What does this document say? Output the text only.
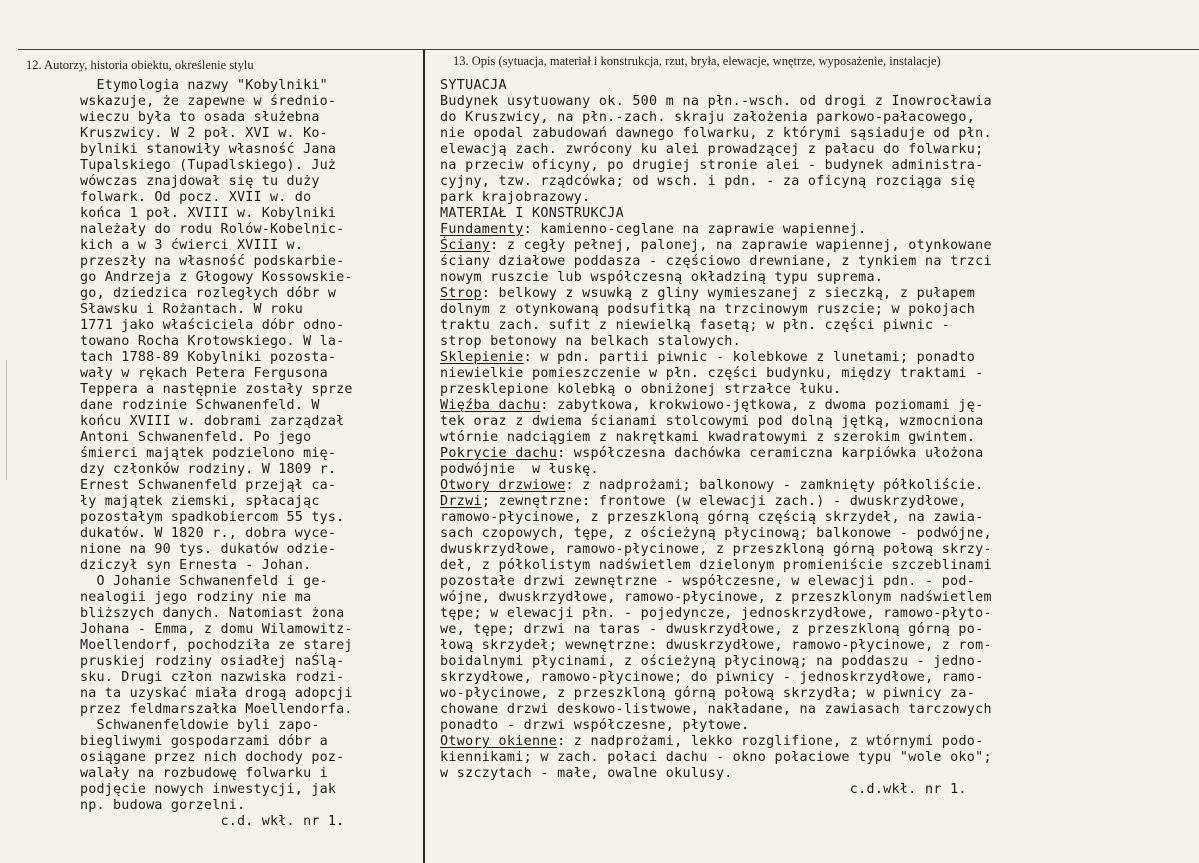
12. Autorzy, historia obiektu, określenie stylu	13. Opis (sytuacja, materiał i konstrukcja, rzut, bryła, elewacje, wnętrze, wyposażenie, instalacje)
Etymologia nazwy "Kobylniki"
wskazuje, że zapewne w średnio-
wieczu była to osada służebna
Kruszwicy. W 2 poł. XVI w. Ko-
bylniki stanowiły własność Jana
Tupalskiego (Tupadlskiego). Już
wówczas znajdował się tu duży
folwark. Od pocz. XVII w. do
końca 1 poł. XVIII w. Kobylniki
należały do rodu Rolów-Kobelnic-
kich a w 3 ćwierci XVIII w.
przeszły na własność podskarbie-
go Andrzeja z Głogowy Kossowskie-
go, dziedzica rozległych dóbr w
Sławsku i Rożantach. W roku
1771 jako właściciela dóbr odno-
towano Rocha Krotowskiego. W la-
tach 1788-89 Kobylniki pozosta-
wały w rękach Petera Fergusona
Teppera a następnie zostały sprze
dane rodzinie Schwanenfeld. W
końcu XVIII w. dobrami zarządzał
Antoni Schwanenfeld. Po jego
śmierci majątek podzielono mię-
dzy członków rodziny. W 1809 r.
Ernest Schwanenfeld przejął ca-
ły majątek ziemski, spłacając
pozostałym spadkobiercom 55 tys.
dukatów. W 1820 r., dobra wyce-
nione na 90 tys. dukatów odzie-
dziczył syn Ernesta - Johan.
O Johanie Schwanenfeld i ge-
nealogii jego rodziny nie ma
bliższych danych. Natomiast żona
Johana - Emma, z domu Wilamowitz-
Moellendorf, pochodziła ze starej
pruskiej rodziny osiadłej naŚlą-
sku. Drugi człon nazwiska rodzi-
na ta uzyskać miała drogą adopcji
przez feldmarszałka Moellendorfa.
Schwanenfeldowie byli zapo-
biegliwymi gospodarzami dóbr a
osiągane przez nich dochody poz-
walały na rozbudowę folwarku i
podjęcie nowych inwestycji, jak
np. budowa gorzelni.
c.d. wkł. nr 1.
SYTUACJA
Budynek usytuowany ok. 500 m na płn.-wsch. od drogi z Inowrocławia
do Kruszwicy, na płn.-zach. skraju założenia parkowo-pałacowego,
nie opodal zabudowań dawnego folwarku, z którymi sąsiaduje od płn.
elewacją zach. zwrócony ku alei prowadzącej z pałacu do folwarku;
na przeciw oficyny, po drugiej stronie alei - budynek administra-
cyjny, tzw. rządcówka; od wsch. i pdn. - za oficyną rozciąga się
park krajobrazowy.
MATERIAŁ I KONSTRUKCJA
Fundamenty: kamienno-ceglane na zaprawie wapiennej.
Ściany: z cegły pełnej, palonej, na zaprawie wapiennej, otynkowane
ściany działowe poddasza - częściowo drewniane, z tynkiem na trzci
nowym ruszcie lub współczesną okładziną typu suprema.
Strop: belkowy z wsuwką z gliny wymieszanej z sieczką, z pułapem
dolnym z otynkowaną podsufitką na trzcinowym ruszcie; w pokojach
traktu zach. sufit z niewielką fasetą; w płn. części piwnic -
strop betonowy na belkach stalowych.
Sklepienie: w pdn. partii piwnic - kolebkowe z lunetami; ponadto
niewielkie pomieszczenie w płn. części budynku, między traktami -
przesklepione kolebką o obniżonej strzałce łuku.
Więźba dachu: zabytkowa, krokwiowo-jętkowa, z dwoma poziomami ję-
tek oraz z dwiema ścianami stolcowymi pod dolną jętką, wzmocniona
wtórnie nadciągiem z nakrętkami kwadratowymi z szerokim gwintem.
Pokrycie dachu: współczesna dachówka ceramiczna karpiówka ułożona
podwójnie  w łuskę.
Otwory drzwiowe: z nadprożami; balkonowy - zamknięty półkoliście.
Drzwi; zewnętrzne: frontowe (w elewacji zach.) - dwuskrzydłowe,
ramowo-płycinowe, z przeszkloną górną częścią skrzydeł, na zawia-
sach czopowych, tępe, z ościeżyną płycinową; balkonowe - podwójne,
dwuskrzydłowe, ramowo-płycinowe, z przeszkloną górną połową skrzy-
deł, z półkolistym nadświetlem dzielonym promieniście szczeblinami
pozostałe drzwi zewnętrzne - współczesne, w elewacji pdn. - pod-
wójne, dwuskrzydłowe, ramowo-płycinowe, z przeszklonym nadświetlem
tępe; w elewacji płn. - pojedyncze, jednoskrzydłowe, ramowo-płyto-
we, tępe; drzwi na taras - dwuskrzydłowe, z przeszkloną górną po-
łową skrzydeł; wewnętrzne: dwuskrzydłowe, ramowo-płycinowe, z rom-
boidalnymi płycinami, z ościeżyną płycinową; na poddaszu - jedno-
skrzydłowe, ramowo-płycinowe; do piwnicy - jednoskrzydłowe, ramo-
wo-płycinowe, z przeszkloną górną połową skrzydła; w piwnicy za-
chowane drzwi deskowo-listwowe, nakładane, na zawiasach tarczowych
ponadto - drzwi współczesne, płytowe.
Otwory okienne: z nadprożami, lekko rozglifione, z wtórnymi podo-
kiennikami; w zach. połaci dachu - okno połaciowe typu "wole oko";
w szczytach - małe, owalne okulusy.
c.d.wkł. nr 1.
